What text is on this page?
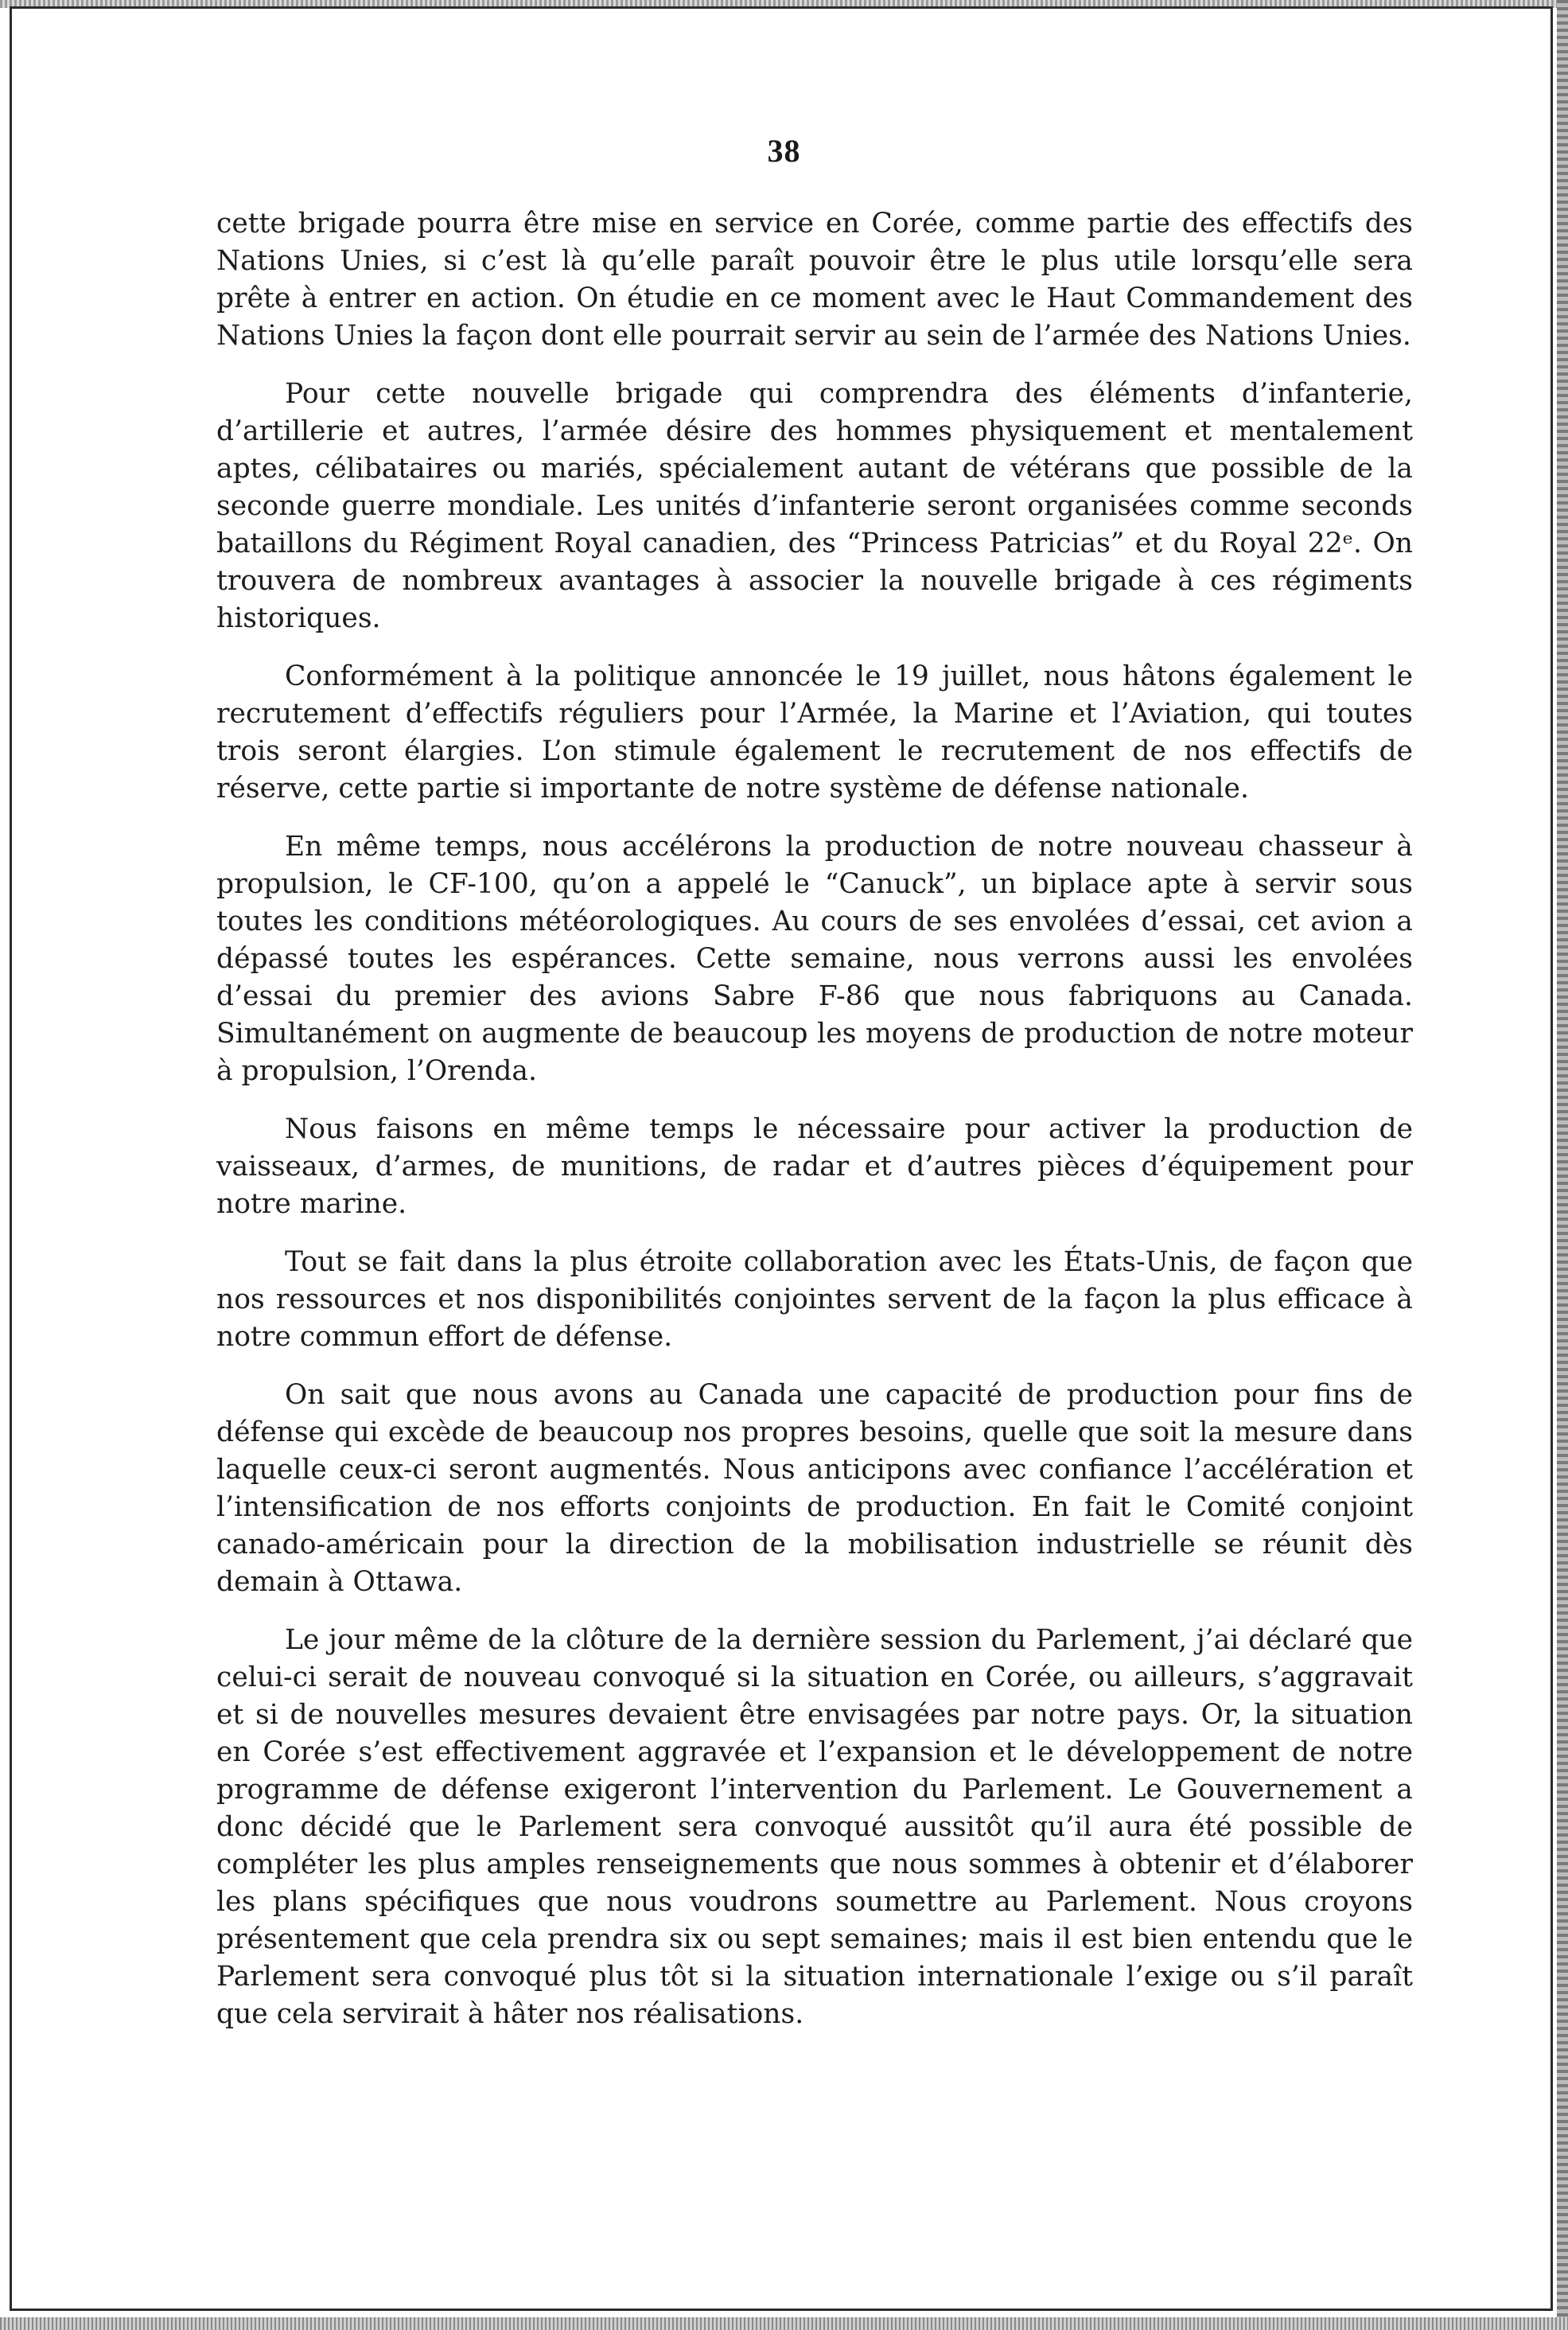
38

cette brigade pourra être mise en service en Corée, comme partie des effectifs des Nations Unies, si c’est là qu’elle paraît pouvoir être le plus utile lorsqu’elle sera prête à entrer en action. On étudie en ce moment avec le Haut Commandement des Nations Unies la façon dont elle pourrait servir au sein de l’armée des Nations Unies.

Pour cette nouvelle brigade qui comprendra des éléments d’infanterie, d’artillerie et autres, l’armée désire des hommes physiquement et mentalement aptes, célibataires ou mariés, spécialement autant de vétérans que possible de la seconde guerre mondiale. Les unités d’infanterie seront organisées comme seconds bataillons du Régiment Royal canadien, des “Princess Patricias” et du Royal 22ᵉ. On trouvera de nombreux avantages à associer la nouvelle brigade à ces régiments historiques.

Conformément à la politique annoncée le 19 juillet, nous hâtons également le recrutement d’effectifs réguliers pour l’Armée, la Marine et l’Aviation, qui toutes trois seront élargies. L’on stimule également le recrutement de nos effectifs de réserve, cette partie si importante de notre système de défense nationale.

En même temps, nous accélérons la production de notre nouveau chasseur à propulsion, le CF-100, qu’on a appelé le “Canuck”, un biplace apte à servir sous toutes les conditions météorologiques. Au cours de ses envolées d’essai, cet avion a dépassé toutes les espérances. Cette semaine, nous verrons aussi les envolées d’essai du premier des avions Sabre F-86 que nous fabriquons au Canada. Simultanément on augmente de beaucoup les moyens de production de notre moteur à propulsion, l’Orenda.

Nous faisons en même temps le nécessaire pour activer la production de vaisseaux, d’armes, de munitions, de radar et d’autres pièces d’équipement pour notre marine.

Tout se fait dans la plus étroite collaboration avec les États-Unis, de façon que nos ressources et nos disponibilités conjointes servent de la façon la plus efficace à notre commun effort de défense.

On sait que nous avons au Canada une capacité de production pour fins de défense qui excède de beaucoup nos propres besoins, quelle que soit la mesure dans laquelle ceux-ci seront augmentés. Nous anticipons avec confiance l’accélération et l’intensification de nos efforts conjoints de production. En fait le Comité conjoint canado-américain pour la direction de la mobilisation industrielle se réunit dès demain à Ottawa.

Le jour même de la clôture de la dernière session du Parlement, j’ai déclaré que celui-ci serait de nouveau convoqué si la situation en Corée, ou ailleurs, s’aggravait et si de nouvelles mesures devaient être envisagées par notre pays. Or, la situation en Corée s’est effectivement aggravée et l’expansion et le développement de notre programme de défense exigeront l’intervention du Parlement. Le Gouvernement a donc décidé que le Parlement sera convoqué aussitôt qu’il aura été possible de compléter les plus amples renseignements que nous sommes à obtenir et d’élaborer les plans spécifiques que nous voudrons soumettre au Parlement. Nous croyons présentement que cela prendra six ou sept semaines; mais il est bien entendu que le Parlement sera convoqué plus tôt si la situation internationale l’exige ou s’il paraît que cela servirait à hâter nos réalisations.
